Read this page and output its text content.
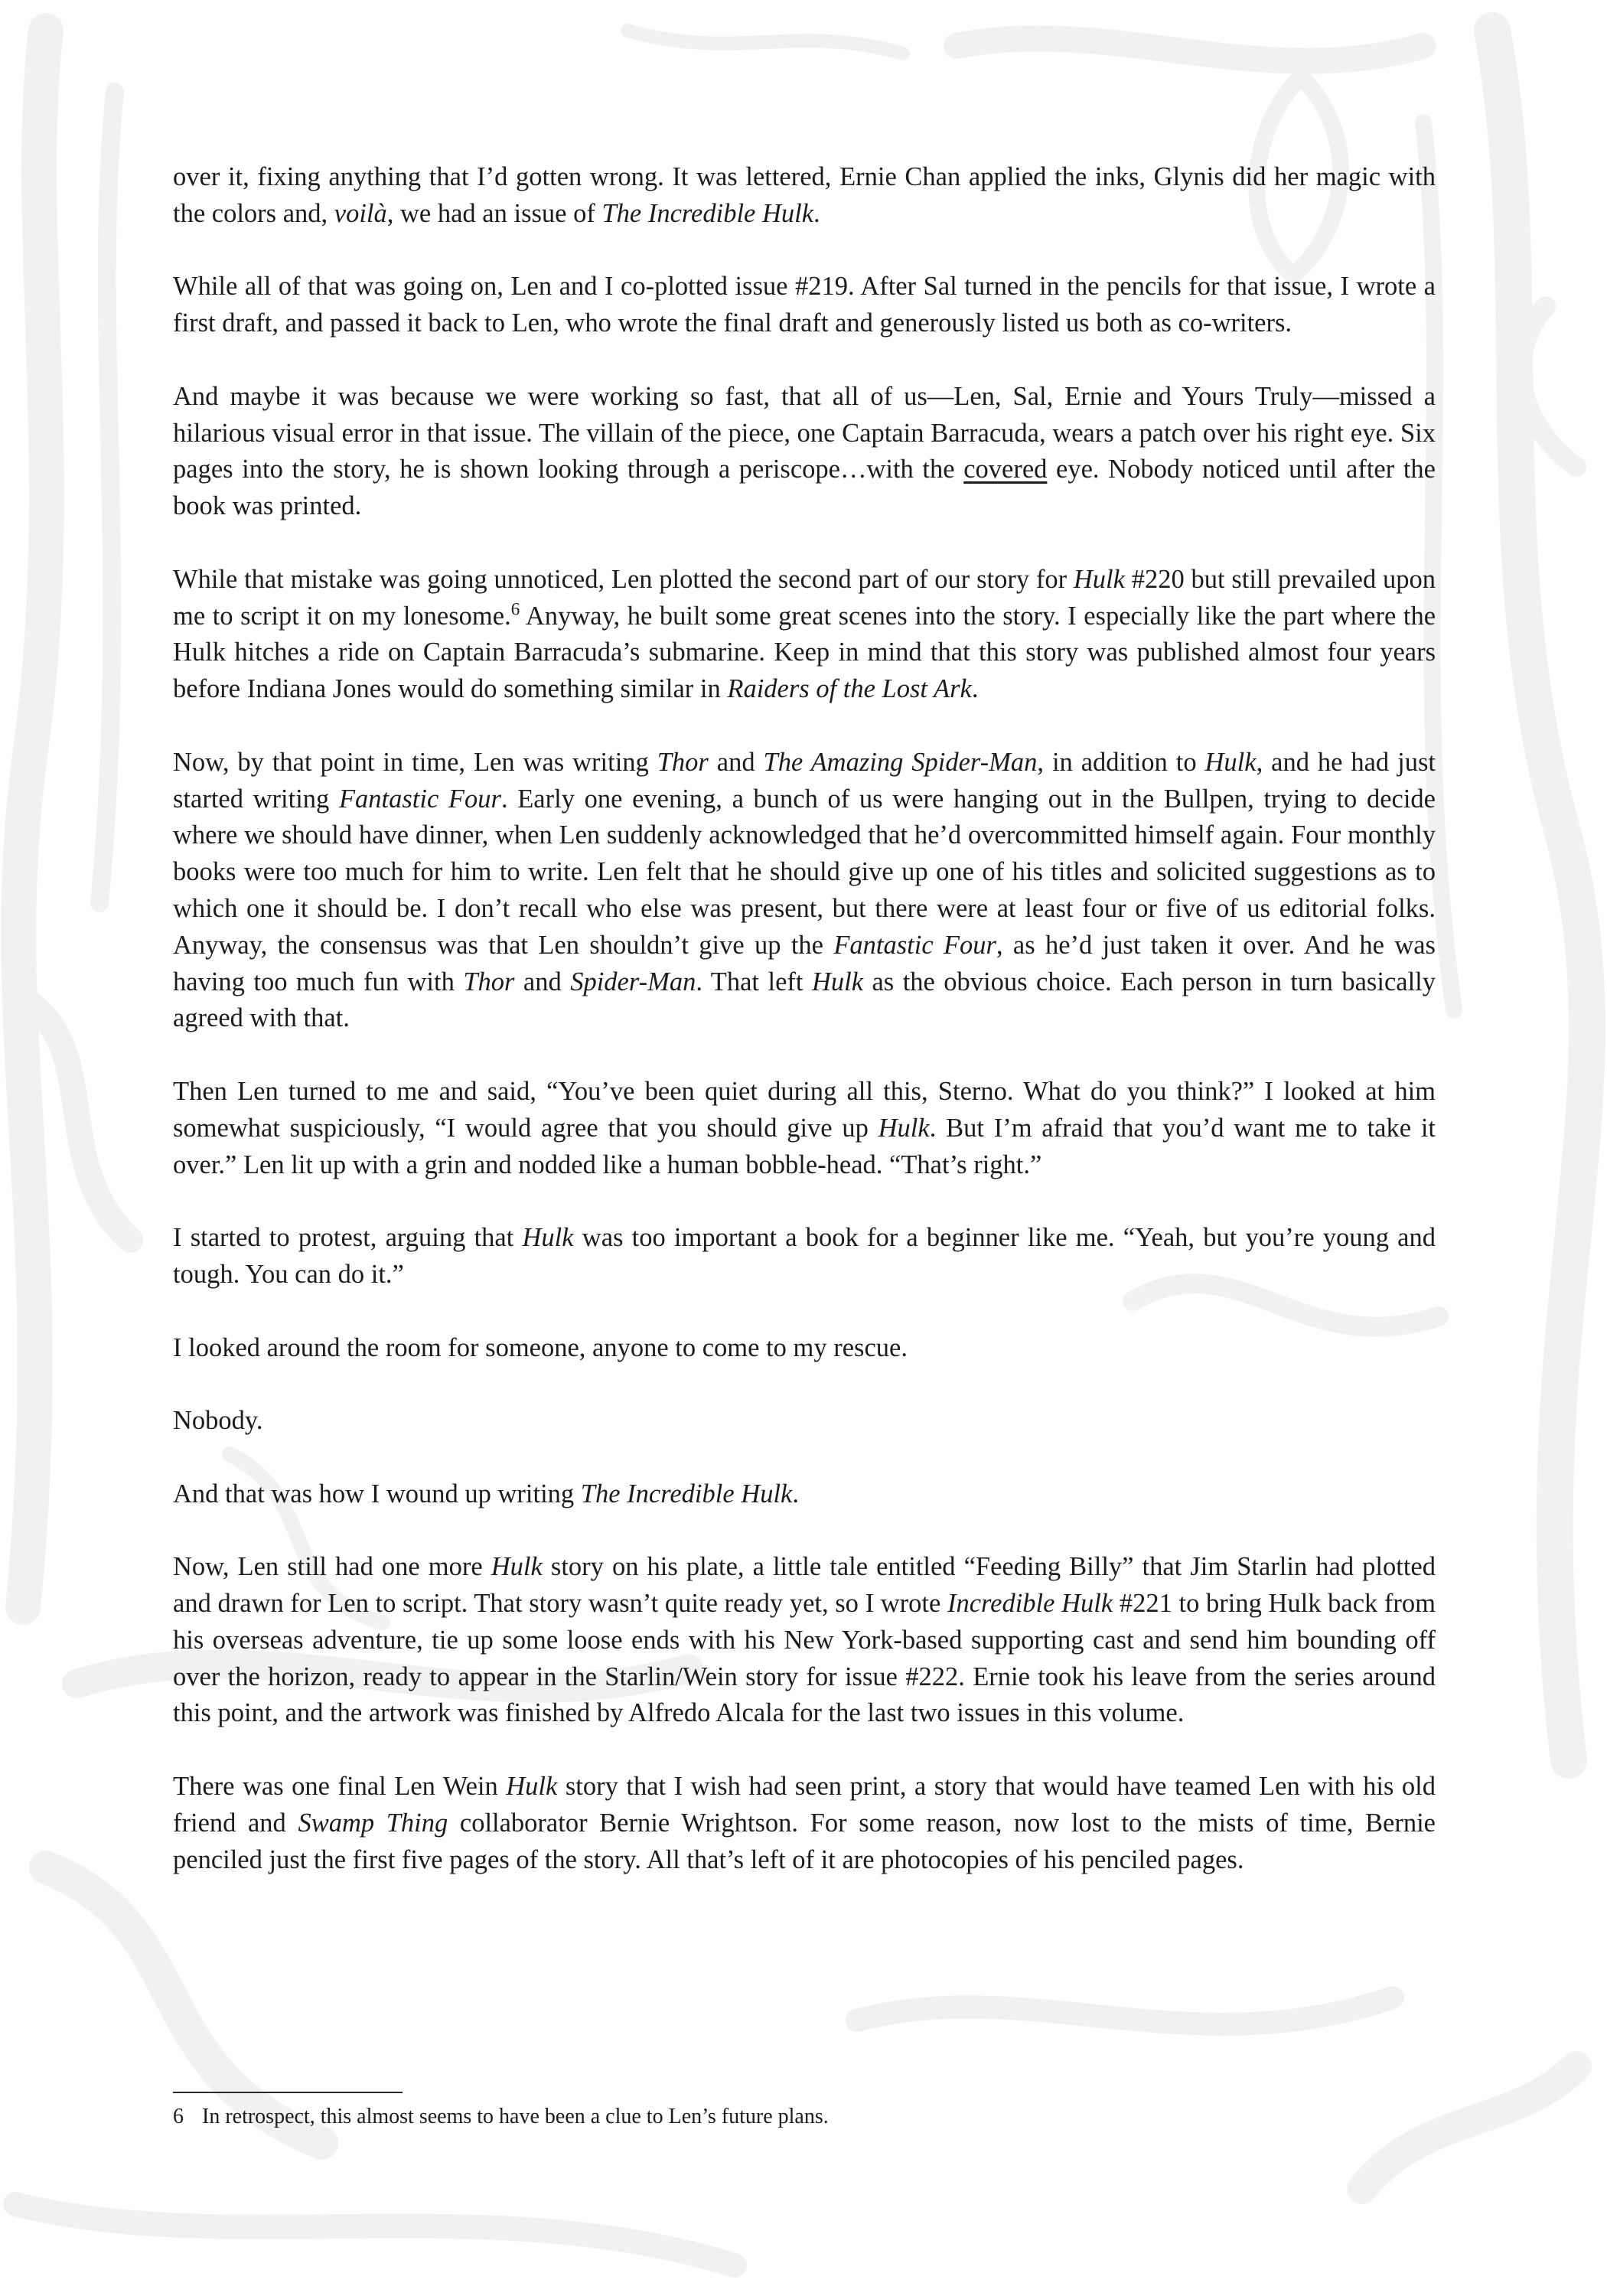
over it, fixing anything that I’d gotten wrong. It was lettered, Ernie Chan applied the inks, Glynis did her magic with the colors and, voilà, we had an issue of The Incredible Hulk.

While all of that was going on, Len and I co-plotted issue #219. After Sal turned in the pencils for that issue, I wrote a first draft, and passed it back to Len, who wrote the final draft and generously listed us both as co-writers.

And maybe it was because we were working so fast, that all of us—Len, Sal, Ernie and Yours Truly—missed a hilarious visual error in that issue. The villain of the piece, one Captain Barracuda, wears a patch over his right eye. Six pages into the story, he is shown looking through a periscope…with the covered eye. Nobody noticed until after the book was printed.

While that mistake was going unnoticed, Len plotted the second part of our story for Hulk #220 but still prevailed upon me to script it on my lonesome.$^6$ Anyway, he built some great scenes into the story. I especially like the part where the Hulk hitches a ride on Captain Barracuda’s submarine. Keep in mind that this story was published almost four years before Indiana Jones would do something similar in Raiders of the Lost Ark.

Now, by that point in time, Len was writing Thor and The Amazing Spider-Man, in addition to Hulk, and he had just started writing Fantastic Four. Early one evening, a bunch of us were hanging out in the Bullpen, trying to decide where we should have dinner, when Len suddenly acknowledged that he’d overcommitted himself again. Four monthly books were too much for him to write. Len felt that he should give up one of his titles and solicited suggestions as to which one it should be. I don’t recall who else was present, but there were at least four or five of us editorial folks. Anyway, the consensus was that Len shouldn’t give up the Fantastic Four, as he’d just taken it over. And he was having too much fun with Thor and Spider-Man. That left Hulk as the obvious choice. Each person in turn basically agreed with that.

Then Len turned to me and said, “You’ve been quiet during all this, Sterno. What do you think?” I looked at him somewhat suspiciously, “I would agree that you should give up Hulk. But I’m afraid that you’d want me to take it over.” Len lit up with a grin and nodded like a human bobble-head. “That’s right.”

I started to protest, arguing that Hulk was too important a book for a beginner like me. “Yeah, but you’re young and tough. You can do it.”

I looked around the room for someone, anyone to come to my rescue.

Nobody.

And that was how I wound up writing The Incredible Hulk.

Now, Len still had one more Hulk story on his plate, a little tale entitled “Feeding Billy” that Jim Starlin had plotted and drawn for Len to script. That story wasn’t quite ready yet, so I wrote Incredible Hulk #221 to bring Hulk back from his overseas adventure, tie up some loose ends with his New York-based supporting cast and send him bounding off over the horizon, ready to appear in the Starlin/Wein story for issue #222. Ernie took his leave from the series around this point, and the artwork was finished by Alfredo Alcala for the last two issues in this volume.

There was one final Len Wein Hulk story that I wish had seen print, a story that would have teamed Len with his old friend and Swamp Thing collaborator Bernie Wrightson. For some reason, now lost to the mists of time, Bernie penciled just the first five pages of the story. All that’s left of it are photocopies of his penciled pages.

6 In retrospect, this almost seems to have been a clue to Len’s future plans.
